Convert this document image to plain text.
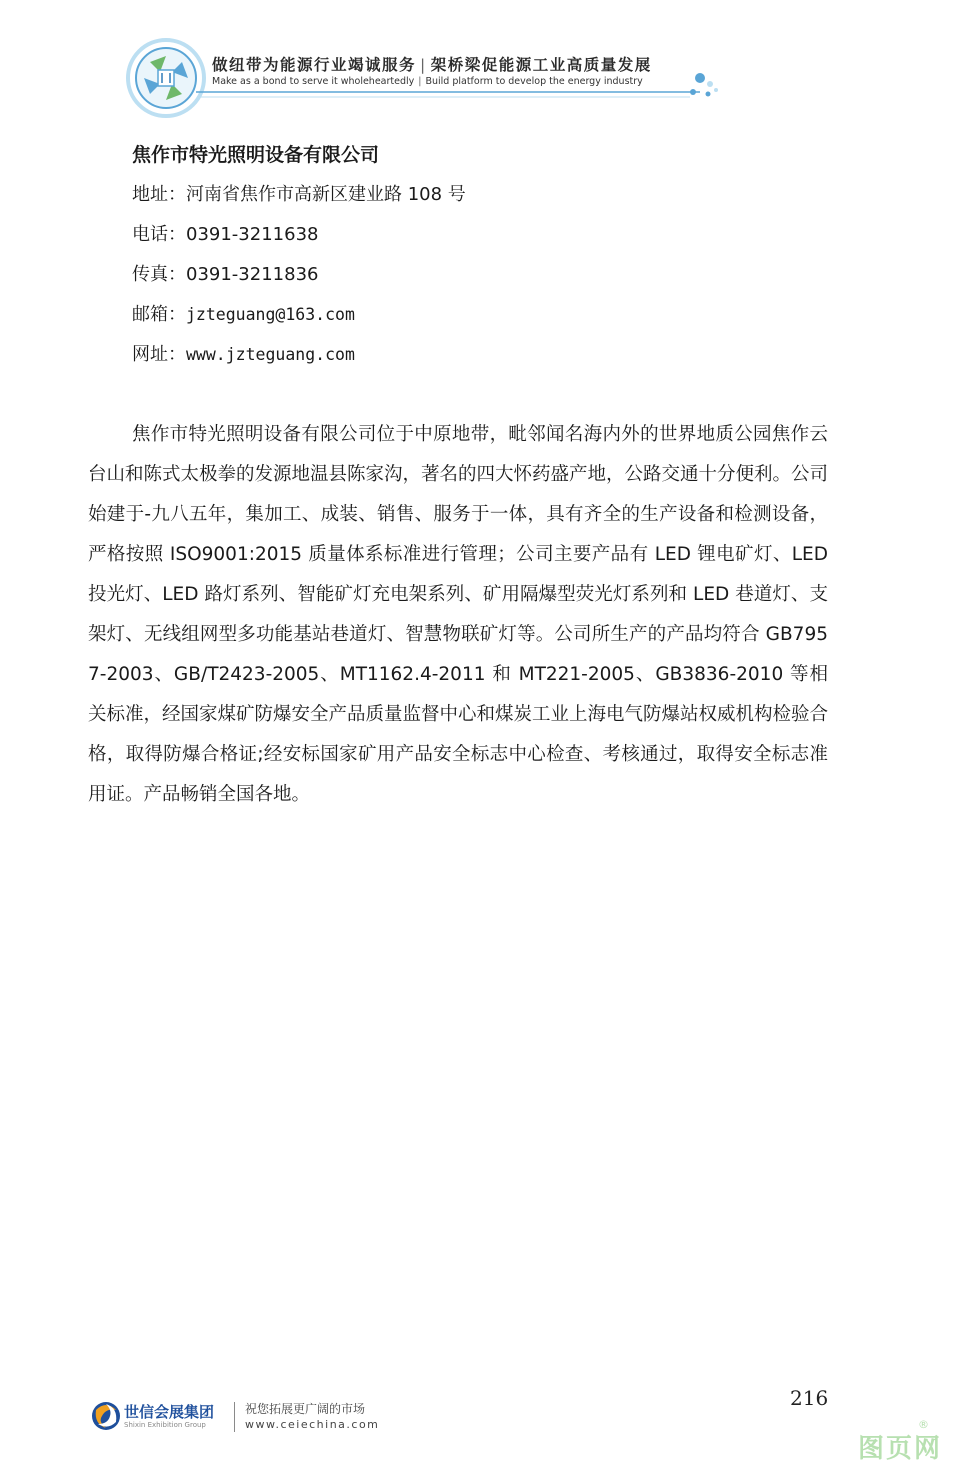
做纽带为能源行业竭诚服务 | 架桥梁促能源工业高质量发展
Make as a bond to serve it wholeheartedly | Build platform to develop the energy industry
焦作市特光照明设备有限公司
地址：河南省焦作市高新区建业路 108 号
电话：0391-3211638
传真：0391-3211836
邮箱：jzteguang@163.com
网址：www.jzteguang.com
焦作市特光照明设备有限公司位于中原地带，毗邻闻名海内外的世界地质公园焦作云台山和陈式太极拳的发源地温县陈家沟，著名的四大怀药盛产地，公路交通十分便利。公司始建于-九八五年，集加工、成装、销售、服务于一体，具有齐全的生产设备和检测设备，严格按照 ISO9001:2015 质量体系标准进行管理；公司主要产品有 LED 锂电矿灯、LED 投光灯、LED 路灯系列、智能矿灯充电架系列、矿用隔爆型荧光灯系列和 LED 巷道灯、支架灯、无线组网型多功能基站巷道灯、智慧物联矿灯等。公司所生产的产品均符合 GB7957-2003、GB/T2423-2005、MT1162.4-2011 和 MT221-2005、GB3836-2010 等相关标准，经国家煤矿防爆安全产品质量监督中心和煤炭工业上海电气防爆站权威机构检验合格，取得防爆合格证;经安标国家矿用产品安全标志中心检查、考核通过，取得安全标志准用证。产品畅销全国各地。
世信会展集团
Shixin Exhibition Group
祝您拓展更广阔的市场
www.ceiechina.com
216
®
图页网
